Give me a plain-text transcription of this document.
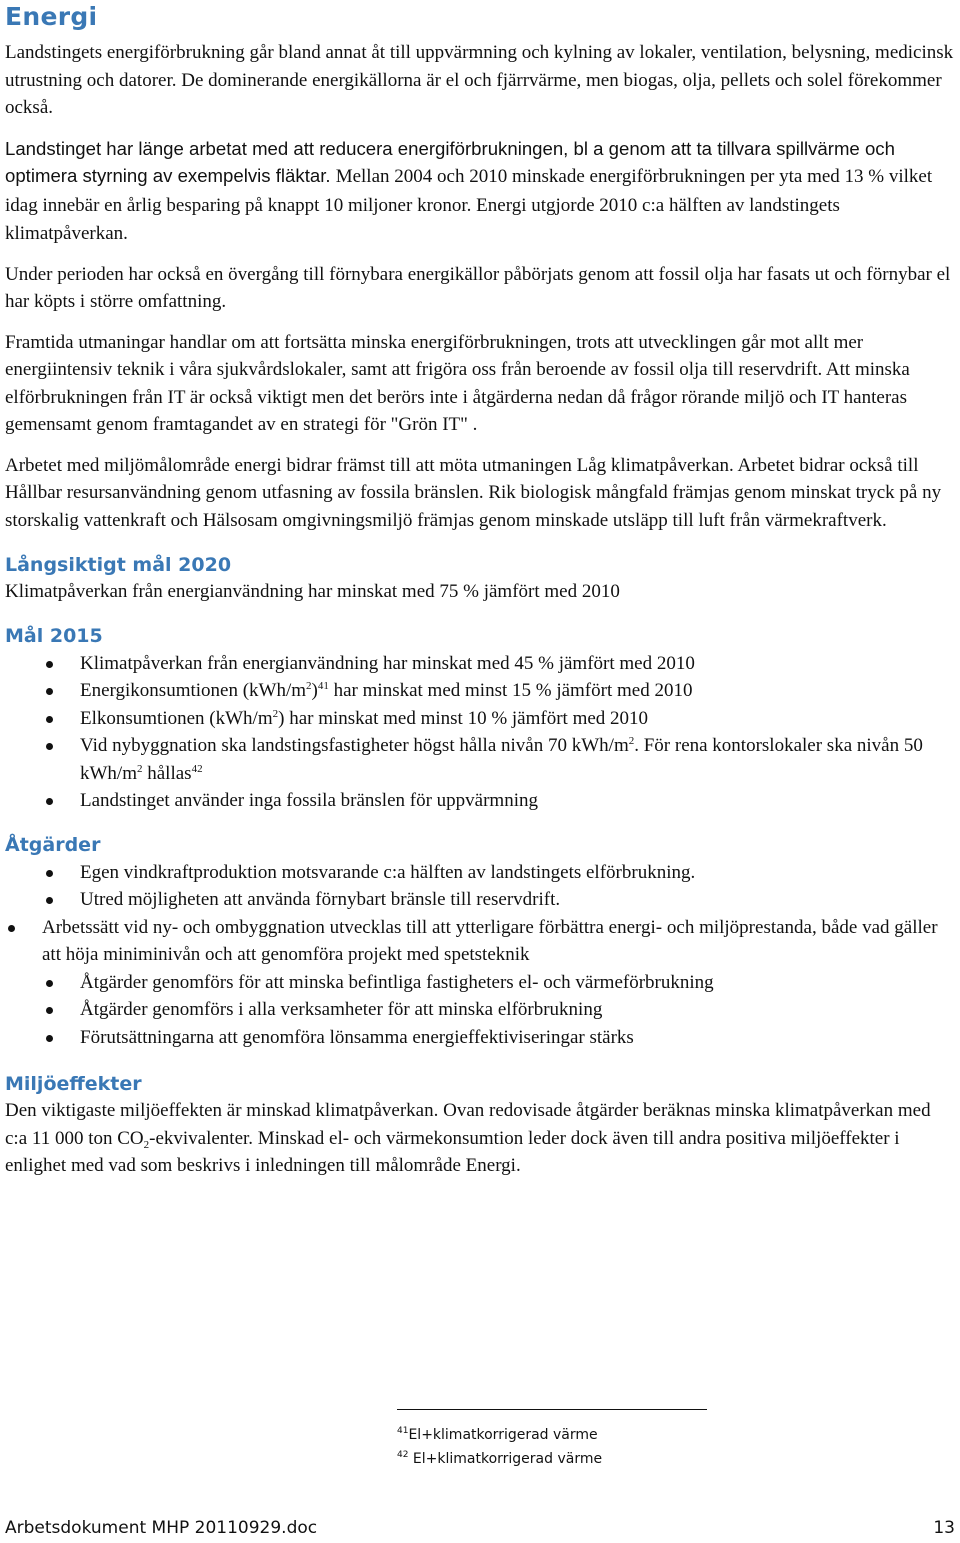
Energi

Landstingets energiförbrukning går bland annat åt till uppvärmning och kylning av lokaler, ventilation, belysning, medicinsk utrustning och datorer. De dominerande energikällorna är el och fjärrvärme, men biogas, olja, pellets och solel förekommer också.

Landstinget har länge arbetat med att reducera energiförbrukningen, bl a genom att ta tillvara spillvärme och optimera styrning av exempelvis fläktar. Mellan 2004 och 2010 minskade energiförbrukningen per yta med 13 % vilket idag innebär en årlig besparing på knappt 10 miljoner kronor. Energi utgjorde 2010 c:a hälften av landstingets klimatpåverkan.

Under perioden har också en övergång till förnybara energikällor påbörjats genom att fossil olja har fasats ut och förnybar el har köpts i större omfattning.

Framtida utmaningar handlar om att fortsätta minska energiförbrukningen, trots att utvecklingen går mot allt mer energiintensiv teknik i våra sjukvårdslokaler, samt att frigöra oss från beroende av fossil olja till reservdrift. Att minska elförbrukningen från IT är också viktigt men det berörs inte i åtgärderna nedan då frågor rörande miljö och IT hanteras gemensamt genom framtagandet av en strategi för "Grön IT" .

Arbetet med miljömålområde energi bidrar främst till att möta utmaningen Låg klimatpåverkan. Arbetet bidrar också till Hållbar resursanvändning genom utfasning av fossila bränslen. Rik biologisk mångfald främjas genom minskat tryck på ny storskalig vattenkraft och Hälsosam omgivningsmiljö främjas genom minskade utsläpp till luft från värmekraftverk.

Långsiktigt mål 2020

Klimatpåverkan från energianvändning har minskat med 75 % jämfört med 2010

Mål 2015
Klimatpåverkan från energianvändning har minskat med 45 % jämfört med 2010
Energikonsumtionen $(kWh/m^2)^{41}$ har minskat med minst 15 % jämfört med 2010
Elkonsumtionen $(kWh/m^2)$ har minskat med minst 10 % jämfört med 2010
Vid nybyggnation ska landstingsfastigheter högst hålla nivån 70 kWh/$m^2$. För rena kontorslokaler ska nivån 50 kWh/$m^2$ hållas$^{42}$
Landstinget använder inga fossila bränslen för uppvärmning
Åtgärder
Egen vindkraftproduktion motsvarande c:a hälften av landstingets elförbrukning.
Utred möjligheten att använda förnybart bränsle till reservdrift.
Arbetssätt vid ny- och ombyggnation utvecklas till att ytterligare förbättra energi- och miljöprestanda, både vad gäller att höja miniminivån och att genomföra projekt med spetsteknik
Åtgärder genomförs för att minska befintliga fastigheters el- och värmeförbrukning
Åtgärder genomförs i alla verksamheter för att minska elförbrukning
Förutsättningarna att genomföra lönsamma energieffektiviseringar stärks
Miljöeffekter

Den viktigaste miljöeffekten är minskad klimatpåverkan. Ovan redovisade åtgärder beräknas minska klimatpåverkan med c:a 11 000 ton $CO_2$-ekvivalenter. Minskad el- och värmekonsumtion leder dock även till andra positiva miljöeffekter i enlighet med vad som beskrivs i inledningen till målområde Energi.

$^{41}$El+klimatkorrigerad värme
$^{42}$ El+klimatkorrigerad värme
Arbetsdokument MHP 20110929.doc	13
